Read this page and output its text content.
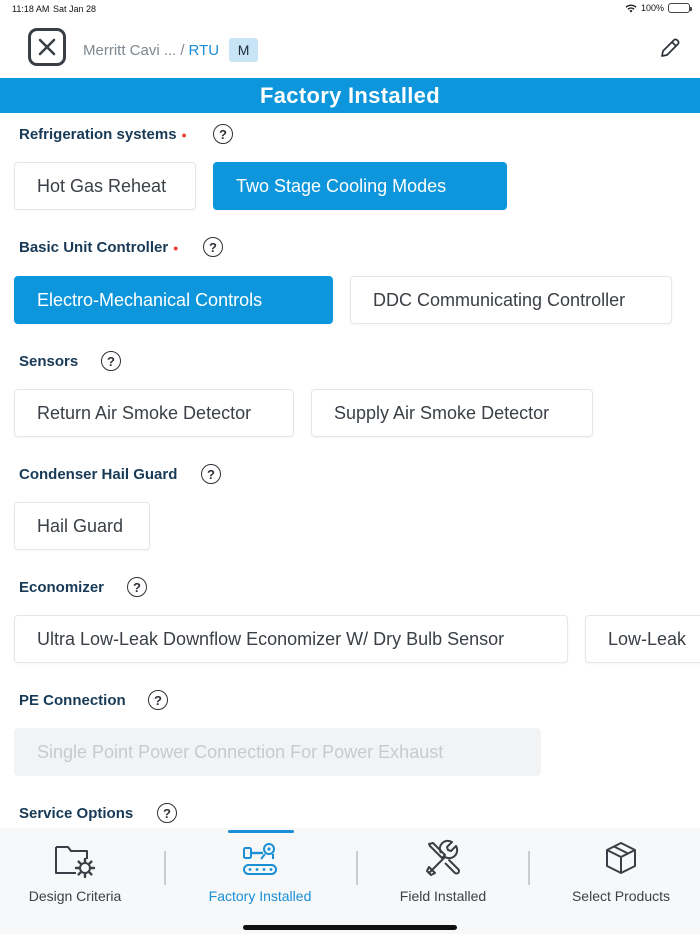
11:18 AM Sat Jan 28	100%
Merritt Cavi ... / RTU	M
Factory Installed
Refrigeration systems •	?
Hot Gas Reheat	Two Stage Cooling Modes
Basic Unit Controller •	?
Electro-Mechanical Controls	DDC Communicating Controller
Sensors	?
Return Air Smoke Detector	Supply Air Smoke Detector
Condenser Hail Guard	?
Hail Guard
Economizer	?
Ultra Low-Leak Downflow Economizer W/ Dry Bulb Sensor	Low-Leak
PE Connection	?
Single Point Power Connection For Power Exhaust
Service Options	?
Design Criteria	Factory Installed	Field Installed	Select Products
